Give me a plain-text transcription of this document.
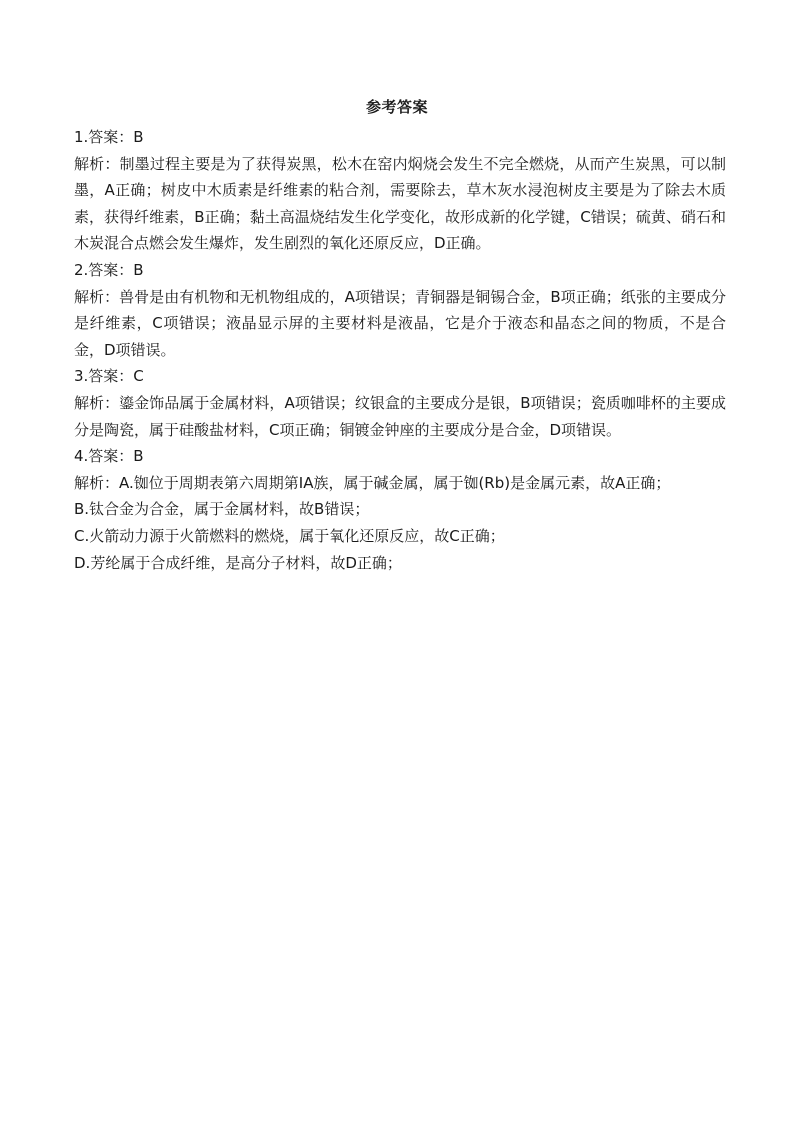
参考答案
1.答案：B
解析：制墨过程主要是为了获得炭黑，松木在窑内焖烧会发生不完全燃烧，从而产生炭黑，可以制墨，A正确；树皮中木质素是纤维素的粘合剂，需要除去，草木灰水浸泡树皮主要是为了除去木质素，获得纤维素，B正确；黏土高温烧结发生化学变化，故形成新的化学键，C错误；硫黄、硝石和木炭混合点燃会发生爆炸，发生剧烈的氧化还原反应，D正确。
2.答案：B
解析：兽骨是由有机物和无机物组成的，A项错误；青铜器是铜锡合金，B项正确；纸张的主要成分是纤维素，C项错误；液晶显示屏的主要材料是液晶，它是介于液态和晶态之间的物质，不是合金，D项错误。
3.答案：C
解析：鎏金饰品属于金属材料，A项错误；纹银盒的主要成分是银，B项错误；瓷质咖啡杯的主要成分是陶瓷，属于硅酸盐材料，C项正确；铜镀金钟座的主要成分是合金，D项错误。
4.答案：B
解析：A.铷位于周期表第六周期第ⅠA族，属于碱金属，属于铷(Rb)是金属元素，故A正确；
B.钛合金为合金，属于金属材料，故B错误；
C.火箭动力源于火箭燃料的燃烧，属于氧化还原反应，故C正确；
D.芳纶属于合成纤维，是高分子材料，故D正确；
